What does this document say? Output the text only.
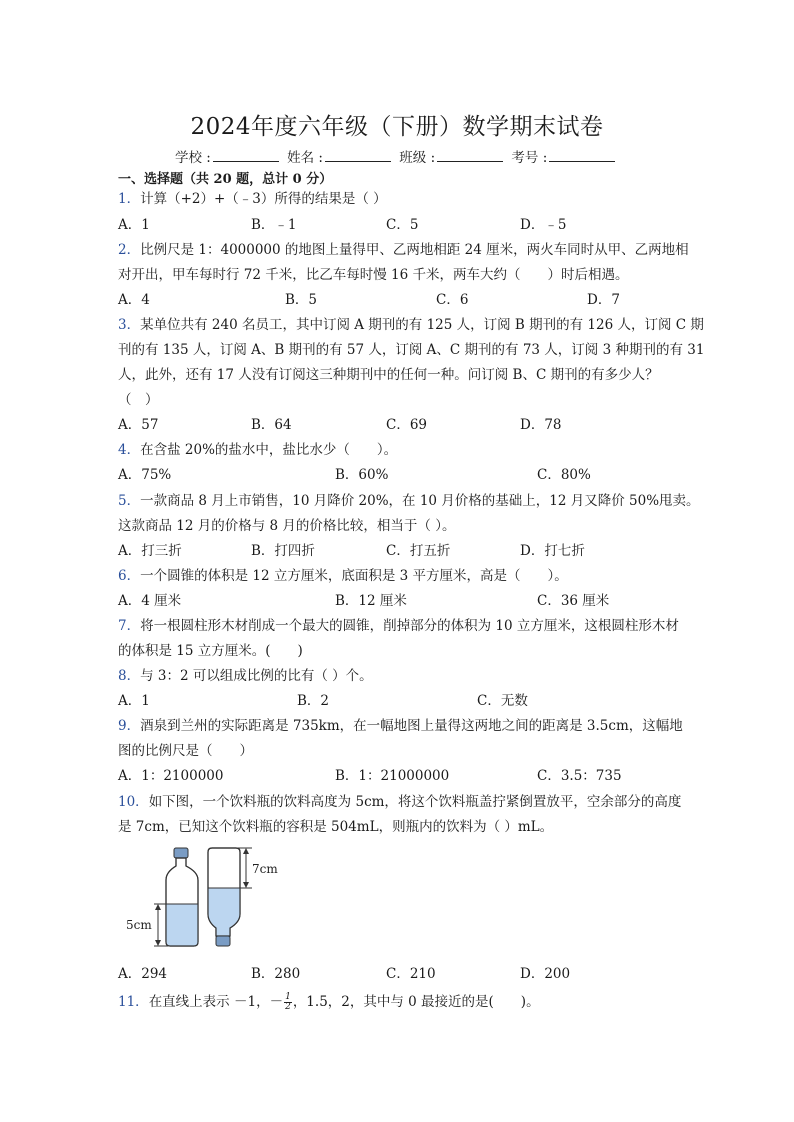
2024年度六年级（下册）数学期末试卷
学校 :	姓名 :	班级 :	考号 :
一、选择题（共 20 题，总计 0 分）
1．计算（+2）+（﹣3）所得的结果是（ ）
A．1	B．﹣1	C．5	D．﹣5
2．比例尺是 1：4000000 的地图上量得甲、乙两地相距 24 厘米，两火车同时从甲、乙两地相
对开出，甲车每时行 72 千米，比乙车每时慢 16 千米，两车大约（　　）时后相遇。
A．4	B．5	C．6	D．7
3．某单位共有 240 名员工，其中订阅 A 期刊的有 125 人，订阅 B 期刊的有 126 人，订阅 C 期
刊的有 135 人，订阅 A、B 期刊的有 57 人，订阅 A、C 期刊的有 73 人，订阅 3 种期刊的有 31
人，此外，还有 17 人没有订阅这三种期刊中的任何一种。问订阅 B、C 期刊的有多少人？
（　）
A．57	B．64	C．69	D．78
4．在含盐 20%的盐水中，盐比水少（　　）。
A．75%	B．60%	C．80%
5．一款商品 8 月上市销售，10 月降价 20%，在 10 月价格的基础上，12 月又降价 50%甩卖。
这款商品 12 月的价格与 8 月的价格比较，相当于（ ）。
A．打三折	B．打四折	C．打五折	D．打七折
6．一个圆锥的体积是 12 立方厘米，底面积是 3 平方厘米，高是（　　）。
A．4 厘米	B．12 厘米	C．36 厘米
7．将一根圆柱形木材削成一个最大的圆锥，削掉部分的体积为 10 立方厘米，这根圆柱形木材
的体积是 15 立方厘米。(　　)
8．与 3：2 可以组成比例的比有（ ）个。
A．1	B．2	C．无数
9．酒泉到兰州的实际距离是 735km，在一幅地图上量得这两地之间的距离是 3.5cm，这幅地
图的比例尺是（　　）
A．1：2100000	B．1：21000000	C．3.5：735
10．如下图，一个饮料瓶的饮料高度为 5cm，将这个饮料瓶盖拧紧倒置放平，空余部分的高度
是 7cm，已知这个饮料瓶的容积是 504mL，则瓶内的饮料为（ ）mL。
5cm
7cm
A．294	B．280	C．210	D．200
11．在直线上表示 －1，－ $\frac{1}{2}$ ，1.5，2，其中与 0 最接近的是(　　)。
